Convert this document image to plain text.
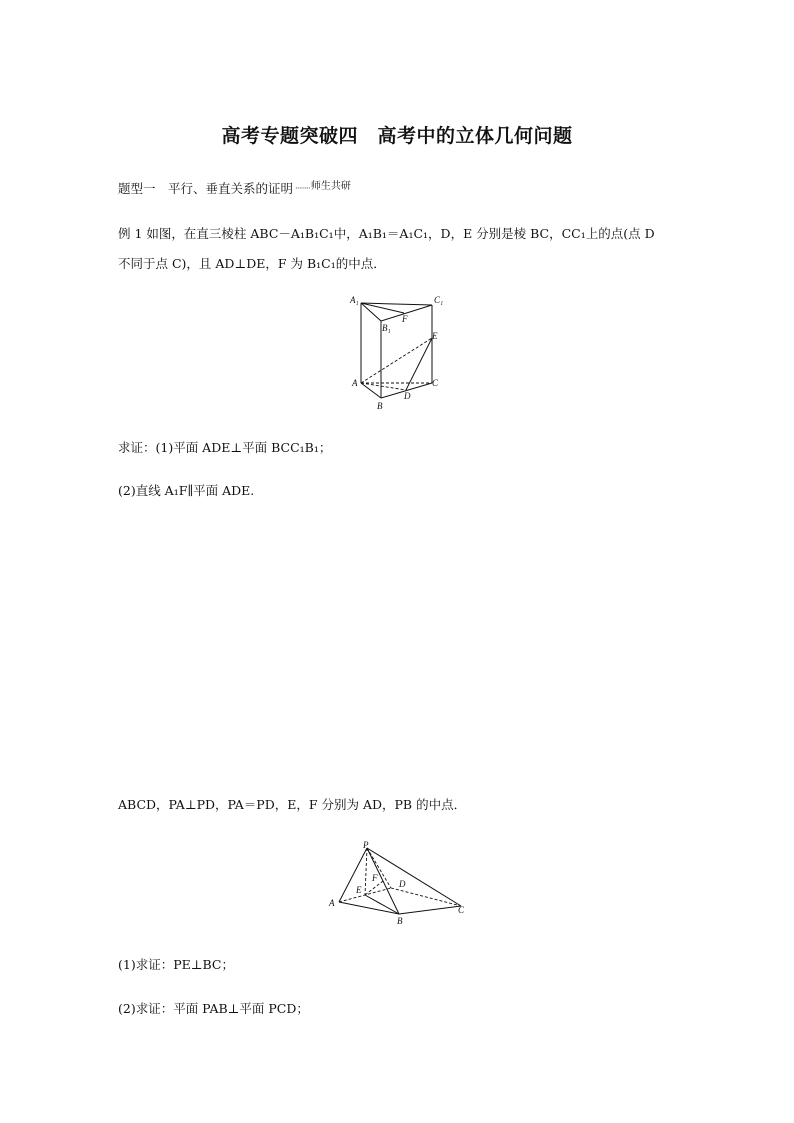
高考专题突破四　高考中的立体几何问题
题型一　平行、垂直关系的证明 ········$^{师生共研}$
例 1 如图，在直三棱柱 ABC－A₁B₁C₁中，A₁B₁＝A₁C₁，D，E 分别是棱 BC，CC₁上的点(点 D
不同于点 C)，且 AD⊥DE，F 为 B₁C₁的中点．
A₁	C₁
B₁
F
E
A	C
B
D
求证：(1)平面 ADE⊥平面 BCC₁B₁；
(2)直线 A₁F∥平面 ADE.
ABCD，PA⊥PD，PA＝PD，E，F 分别为 AD，PB 的中点．
P
F
D
E
A
B
C
(1)求证：PE⊥BC；
(2)求证：平面 PAB⊥平面 PCD；
